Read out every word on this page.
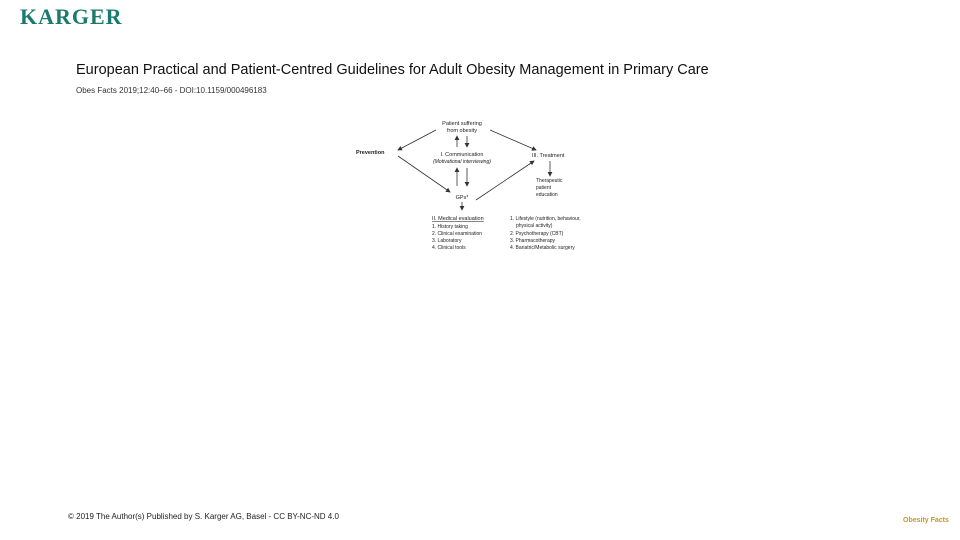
KARGER
European Practical and Patient-Centred Guidelines for Adult Obesity Management in Primary Care
Obes Facts 2019;12:40–66 - DOI:10.1159/000496183
Patient suffering
from obesity
I. Communication
(Motivational interviewing)
Prevention	III. Treatment
GPs*
Therapeutic
patient
education
II. Medical evaluation
1. History taking
2. Clinical examination
3. Laboratory
4. Clinical tools
1. Lifestyle (nutrition, behaviour,
physical activity)
2. Psychotherapy (CBT)
3. Pharmacotherapy
4. Bariatric/Metabolic surgery
© 2019 The Author(s) Published by S. Karger AG, Basel - CC BY-NC-ND 4.0	Obesity Facts
